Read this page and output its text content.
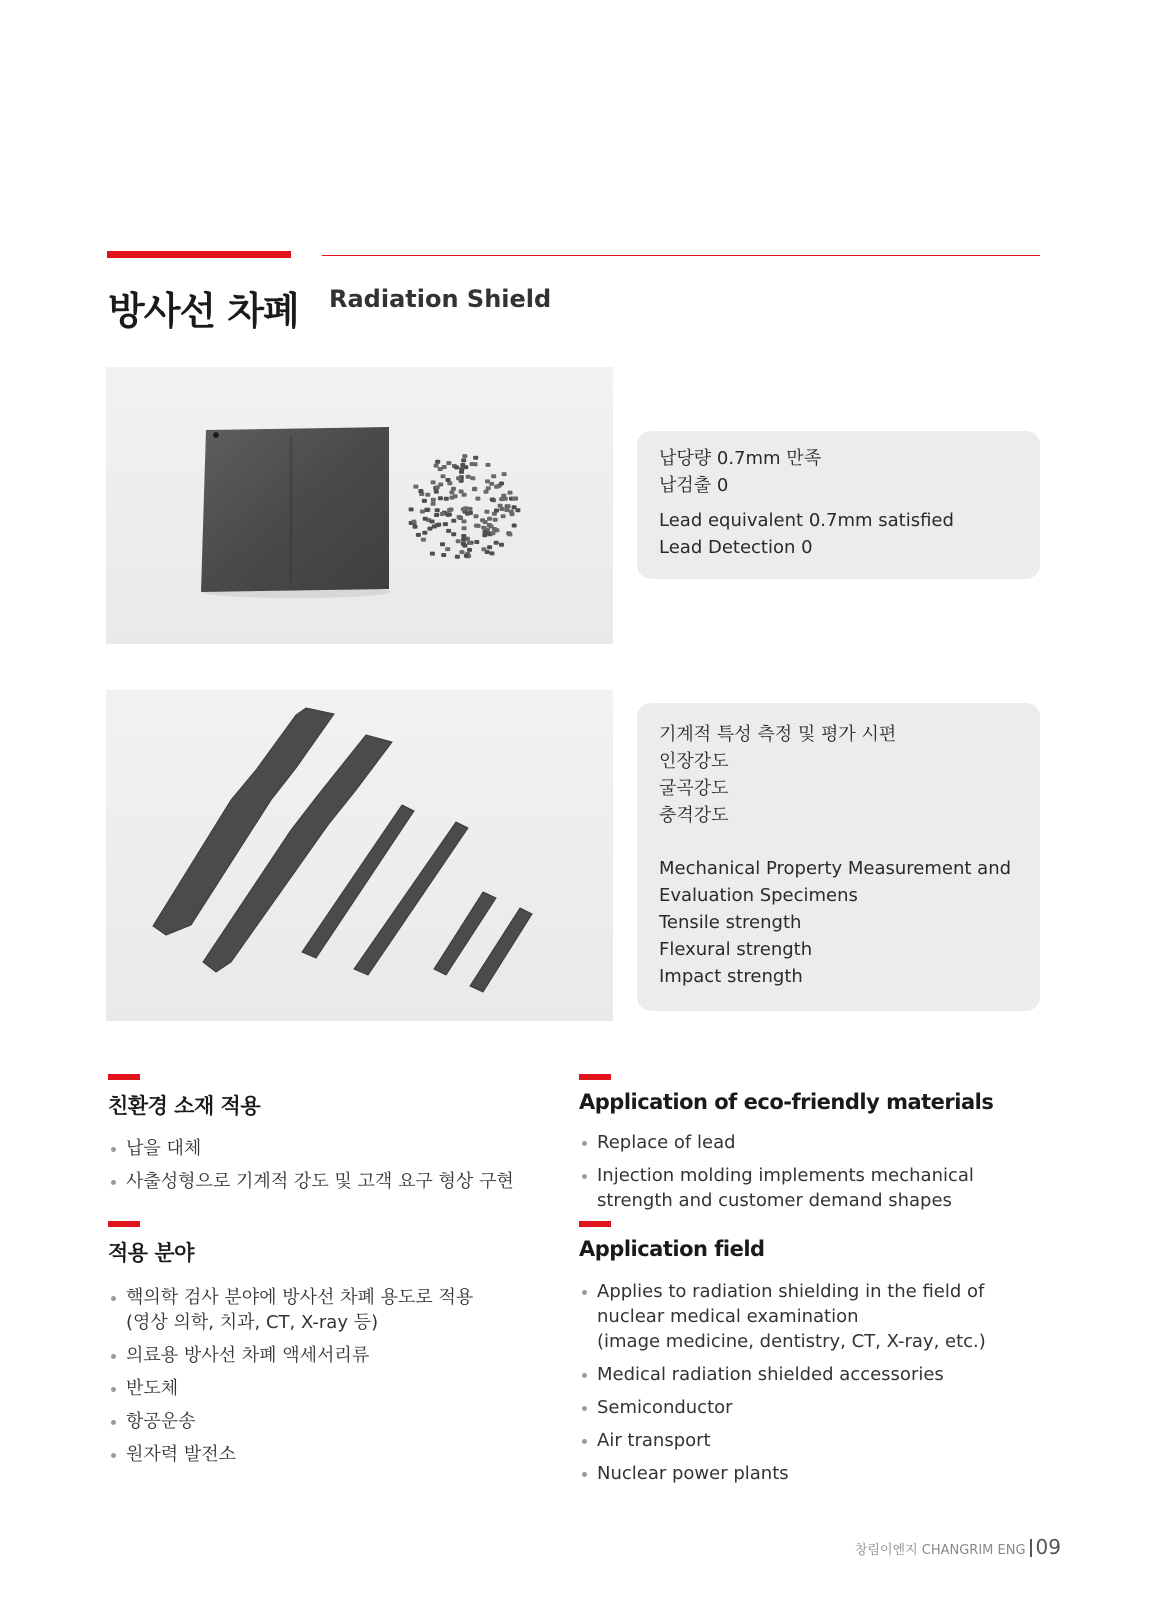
방사선 차폐 Radiation Shield

납당량 0.7mm 만족

납검출 0

Lead equivalent 0.7mm satisfied

Lead Detection 0

기계적 특성 측정 및 평가 시편

인장강도

굴곡강도

충격강도

Mechanical Property Measurement and

Evaluation Specimens

Tensile strength

Flexural strength

Impact strength

친환경 소재 적용
납을 대체
사출성형으로 기계적 강도 및 고객 요구 형상 구현
Application of eco-friendly materials
Replace of lead
Injection molding implements mechanical strength and customer demand shapes
적용 분야
핵의학 검사 분야에 방사선 차폐 용도로 적용
(영상 의학, 치과, CT, X-ray 등)
의료용 방사선 차폐 액세서리류
반도체
항공운송
원자력 발전소
Application field
Applies to radiation shielding in the field of nuclear medical examination
(image medicine, dentistry, CT, X-ray, etc.)
Medical radiation shielded accessories
Semiconductor
Air transport
Nuclear power plants
창림이엔지 CHANGRIM ENG 09
